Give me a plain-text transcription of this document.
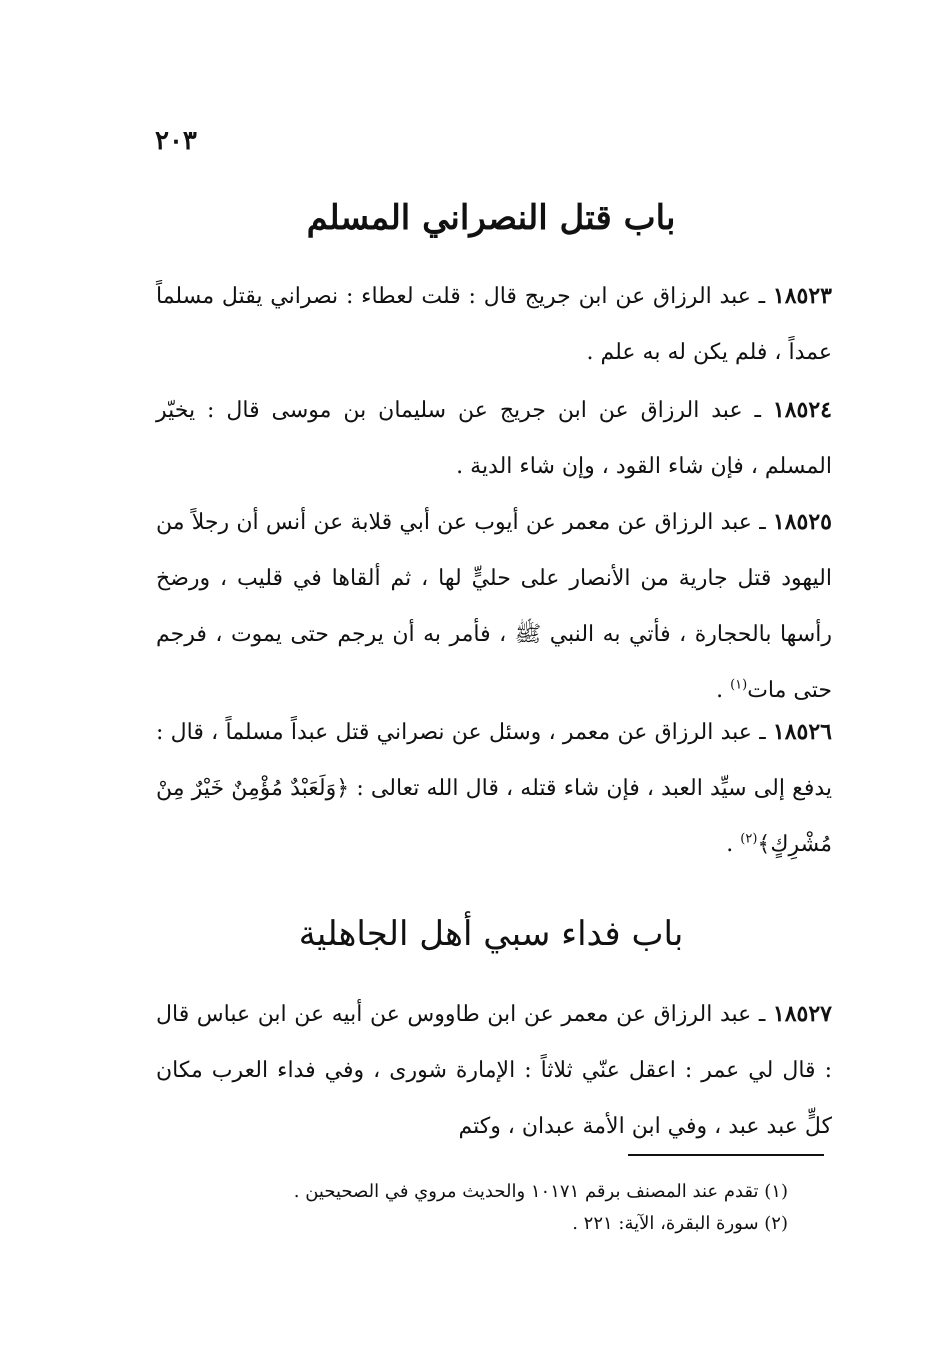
٢٠٣
باب قتل النصراني المسلم
١٨٥٢٣ ـ عبد الرزاق عن ابن جريج قال : قلت لعطاء : نصراني يقتل مسلماً عمداً ، فلم يكن له به علم .
١٨٥٢٤ ـ عبد الرزاق عن ابن جريج عن سليمان بن موسى قال : يخيّر المسلم ، فإن شاء القود ، وإن شاء الدية .
١٨٥٢٥ ـ عبد الرزاق عن معمر عن أيوب عن أبي قلابة عن أنس أن رجلاً من اليهود قتل جارية من الأنصار على حليٍّ لها ، ثم ألقاها في قليب ، ورضخ رأسها بالحجارة ، فأتي به النبي ﷺ ، فأمر به أن يرجم حتى يموت ، فرجم حتى مات$^{(١)}$ .
١٨٥٢٦ ـ عبد الرزاق عن معمر ، وسئل عن نصراني قتل عبداً مسلماً ، قال : يدفع إلى سيِّد العبد ، فإن شاء قتله ، قال الله تعالى : ﴿وَلَعَبْدٌ مُؤْمِنٌ خَيْرٌ مِنْ مُشْرِكٍ﴾$^{(٢)}$ .
باب فداء سبي أهل الجاهلية
١٨٥٢٧ ـ عبد الرزاق عن معمر عن ابن طاووس عن أبيه عن ابن عباس قال : قال لي عمر : اعقل عنّي ثلاثاً : الإمارة شورى ، وفي فداء العرب مكان كلٍّ عبد عبد ، وفي ابن الأمة عبدان ، وكتم
(١) تقدم عند المصنف برقم ١٠١٧١ والحديث مروي في الصحيحين .
(٢) سورة البقرة، الآية: ٢٢١ .
